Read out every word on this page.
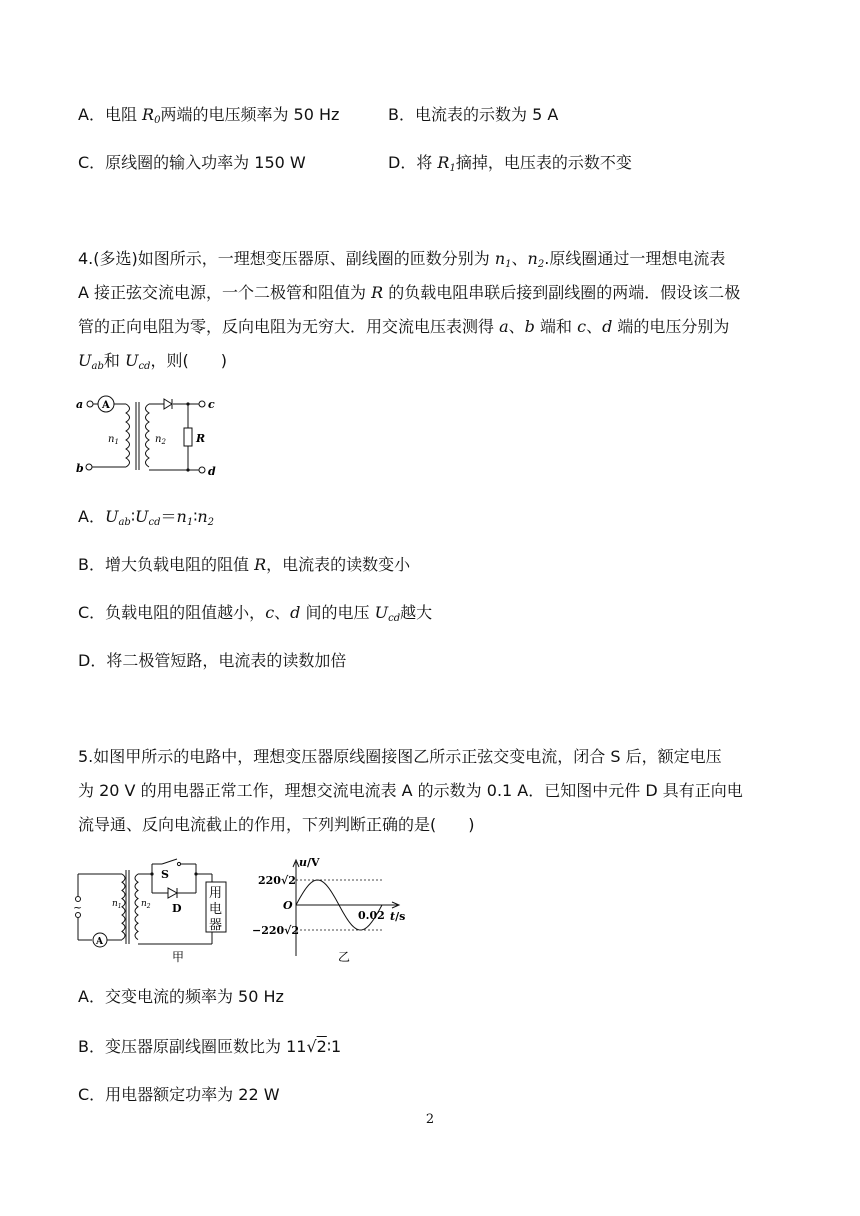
A．电阻 $R_0$两端的电压频率为 50 Hz	B．电流表的示数为 5 A
C．原线圈的输入功率为 150 W	D．将 $R_1$摘掉，电压表的示数不变
4.(多选)如图所示，一理想变压器原、副线圈的匝数分别为 $n_1$、$n_2$.原线圈通过一理想电流表
A 接正弦交流电源，一个二极管和阻值为 R 的负载电阻串联后接到副线圈的两端．假设该二极
管的正向电阻为零，反向电阻为无穷大．用交流电压表测得 a、b 端和 c、d 端的电压分别为
$U_{ab}$和 $U_{cd}$，则(　　)
a
b
c
d
A
$n_1$	$n_2$	R
A．$U_{ab}∶U_{cd}=n_1∶n_2$
B．增大负载电阻的阻值 R，电流表的读数变小
C．负载电阻的阻值越小，c、d 间的电压 $U_{cd}$越大
D．将二极管短路，电流表的读数加倍
5.如图甲所示的电路中，理想变压器原线圈接图乙所示正弦交变电流，闭合 S 后，额定电压
为 20 V 的用电器正常工作，理想交流电流表 A 的示数为 0.1 A．已知图中元件 D 具有正向电
流导通、反向电流截止的作用，下列判断正确的是(　　)
~
A
$n_1$ $n_2$
S
D
用
电
器
甲
u/V
220√2
−220√2
O
0.02 t/s
乙
A．交变电流的频率为 50 Hz
B．变压器原副线圈匝数比为 11√2∶1
C．用电器额定功率为 22 W
2
